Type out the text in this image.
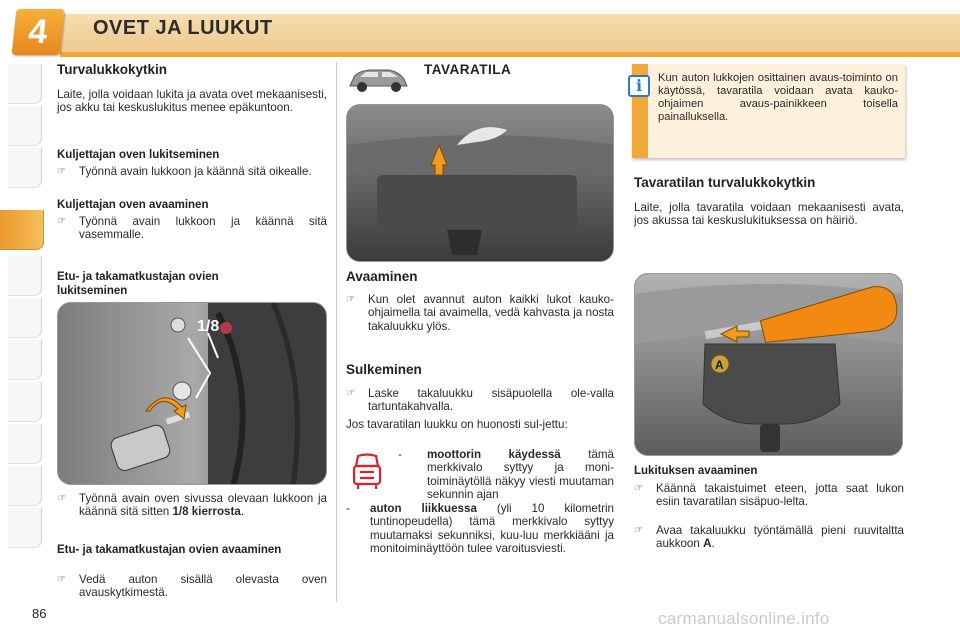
4	OVET JA LUUKUT
Turvalukkokytkin
Laite, jolla voidaan lukita ja avata ovet mekaanisesti, jos akku tai keskuslukitus menee epäkuntoon.
Kuljettajan oven lukitseminen
☞	Työnnä avain lukkoon ja käännä sitä oikealle.
Kuljettajan oven avaaminen
☞	Työnnä avain lukkoon ja käännä sitä vasemmalle.
Etu- ja takamatkustajan ovien lukitseminen
1/8
☞	Työnnä avain oven sivussa olevaan lukkoon ja käännä sitä sitten 1/8 kierrosta.
Etu- ja takamatkustajan ovien avaaminen
☞	Vedä auton sisällä olevasta oven avauskytkimestä.
TAVARATILA
Avaaminen
☞	Kun olet avannut auton kaikki lukot kauko-ohjaimella tai avaimella, vedä kahvasta ja nosta takaluukku ylös.
Sulkeminen
☞	Laske takaluukku sisäpuolella ole-valla tartuntakahvalla.
Jos tavaratilan luukku on huonosti sul-jettu:
-	moottorin käydessä tämä merkkivalo syttyy ja moni-toiminäytöllä näkyy viesti muutaman sekunnin ajan
-	auton liikkuessa (yli 10 kilometrin tuntinopeudella) tämä merkkivalo syttyy muutamaksi sekunniksi, kuu-luu merkkiääni ja monitoiminäyttöön tulee varoitusviesti.
Kun auton lukkojen osittainen avaus-toiminto on käytössä, tavaratila voidaan avata kauko-ohjaimen avaus-painikkeen toisella painalluksella.
i
Tavaratilan turvalukkokytkin
Laite, jolla tavaratila voidaan mekaanisesti avata, jos akussa tai keskuslukituksessa on häiriö.
A
Lukituksen avaaminen
☞	Käännä takaistuimet eteen, jotta saat lukon esiin tavaratilan sisäpuo-lelta.
☞	Avaa takaluukku työntämällä pieni ruuvitaltta aukkoon A.
86	carmanualsonline.info
